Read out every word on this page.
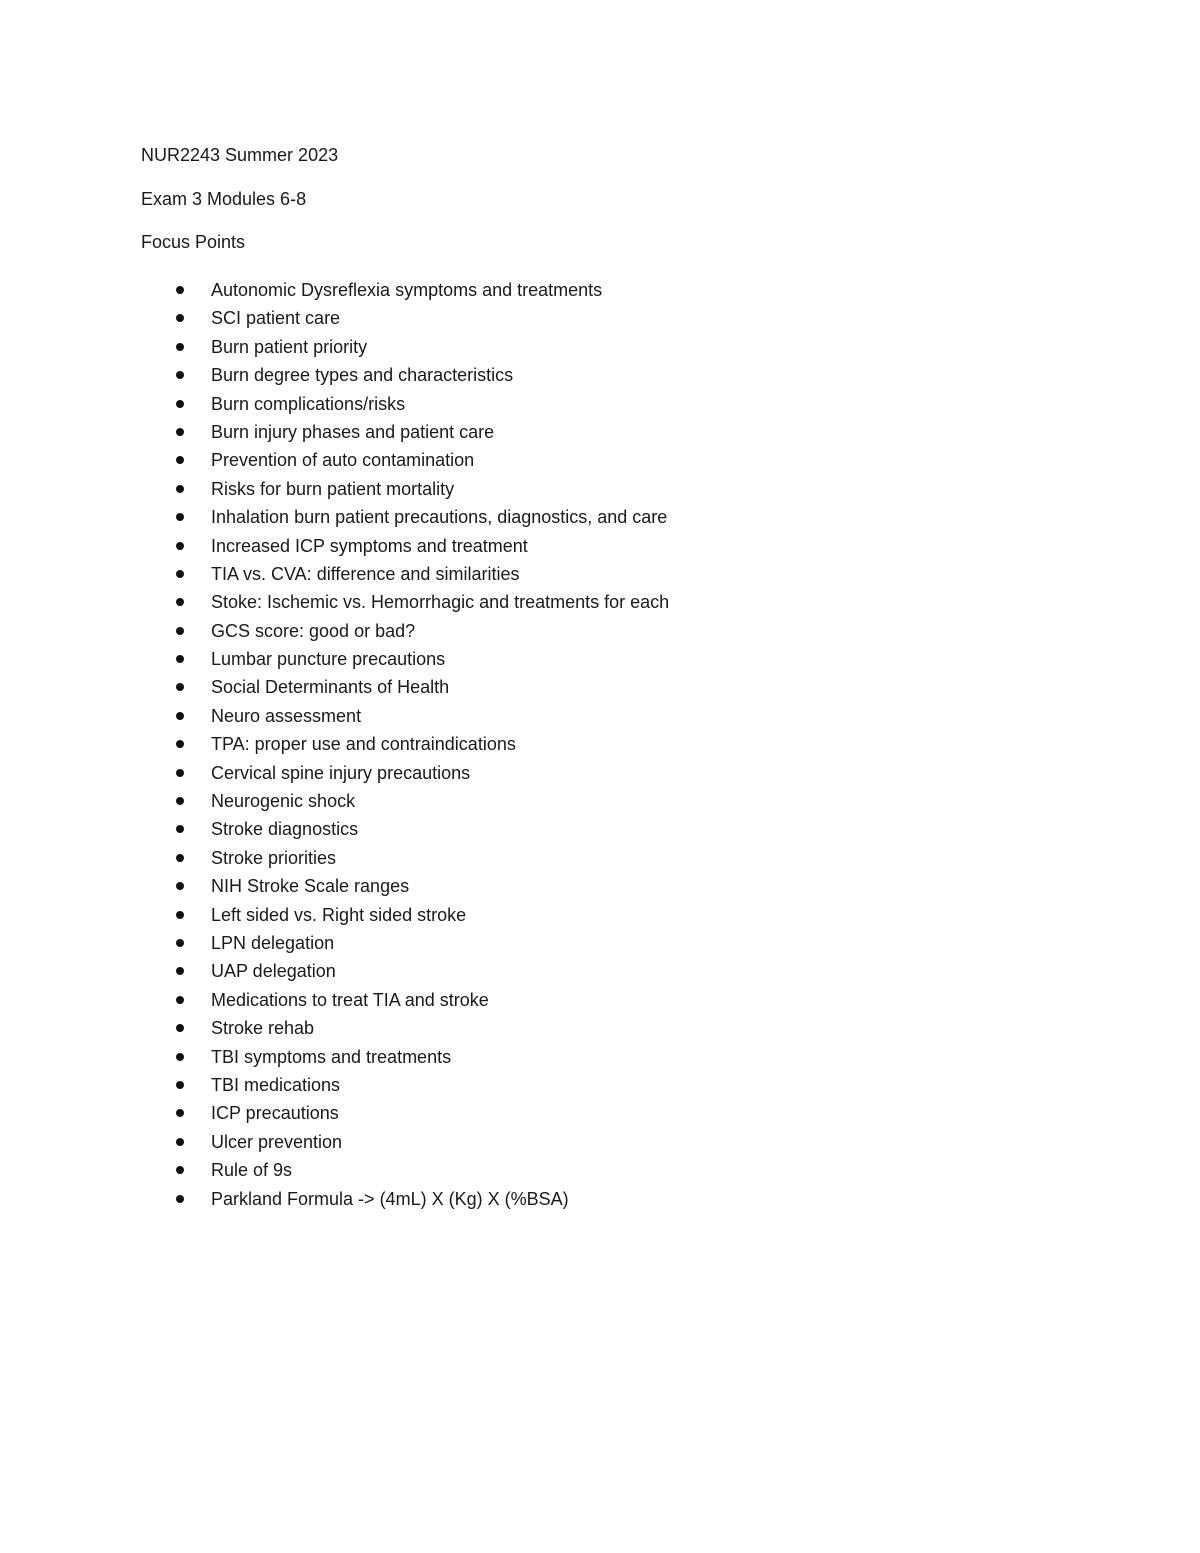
NUR2243 Summer 2023

Exam 3 Modules 6-8

Focus Points

Autonomic Dysreflexia symptoms and treatments
SCI patient care
Burn patient priority
Burn degree types and characteristics
Burn complications/risks
Burn injury phases and patient care
Prevention of auto contamination
Risks for burn patient mortality
Inhalation burn patient precautions, diagnostics, and care
Increased ICP symptoms and treatment
TIA vs. CVA: difference and similarities
Stoke: Ischemic vs. Hemorrhagic and treatments for each
GCS score: good or bad?
Lumbar puncture precautions
Social Determinants of Health
Neuro assessment
TPA: proper use and contraindications
Cervical spine injury precautions
Neurogenic shock
Stroke diagnostics
Stroke priorities
NIH Stroke Scale ranges
Left sided vs. Right sided stroke
LPN delegation
UAP delegation
Medications to treat TIA and stroke
Stroke rehab
TBI symptoms and treatments
TBI medications
ICP precautions
Ulcer prevention
Rule of 9s
Parkland Formula -> (4mL) X (Kg) X (%BSA)
